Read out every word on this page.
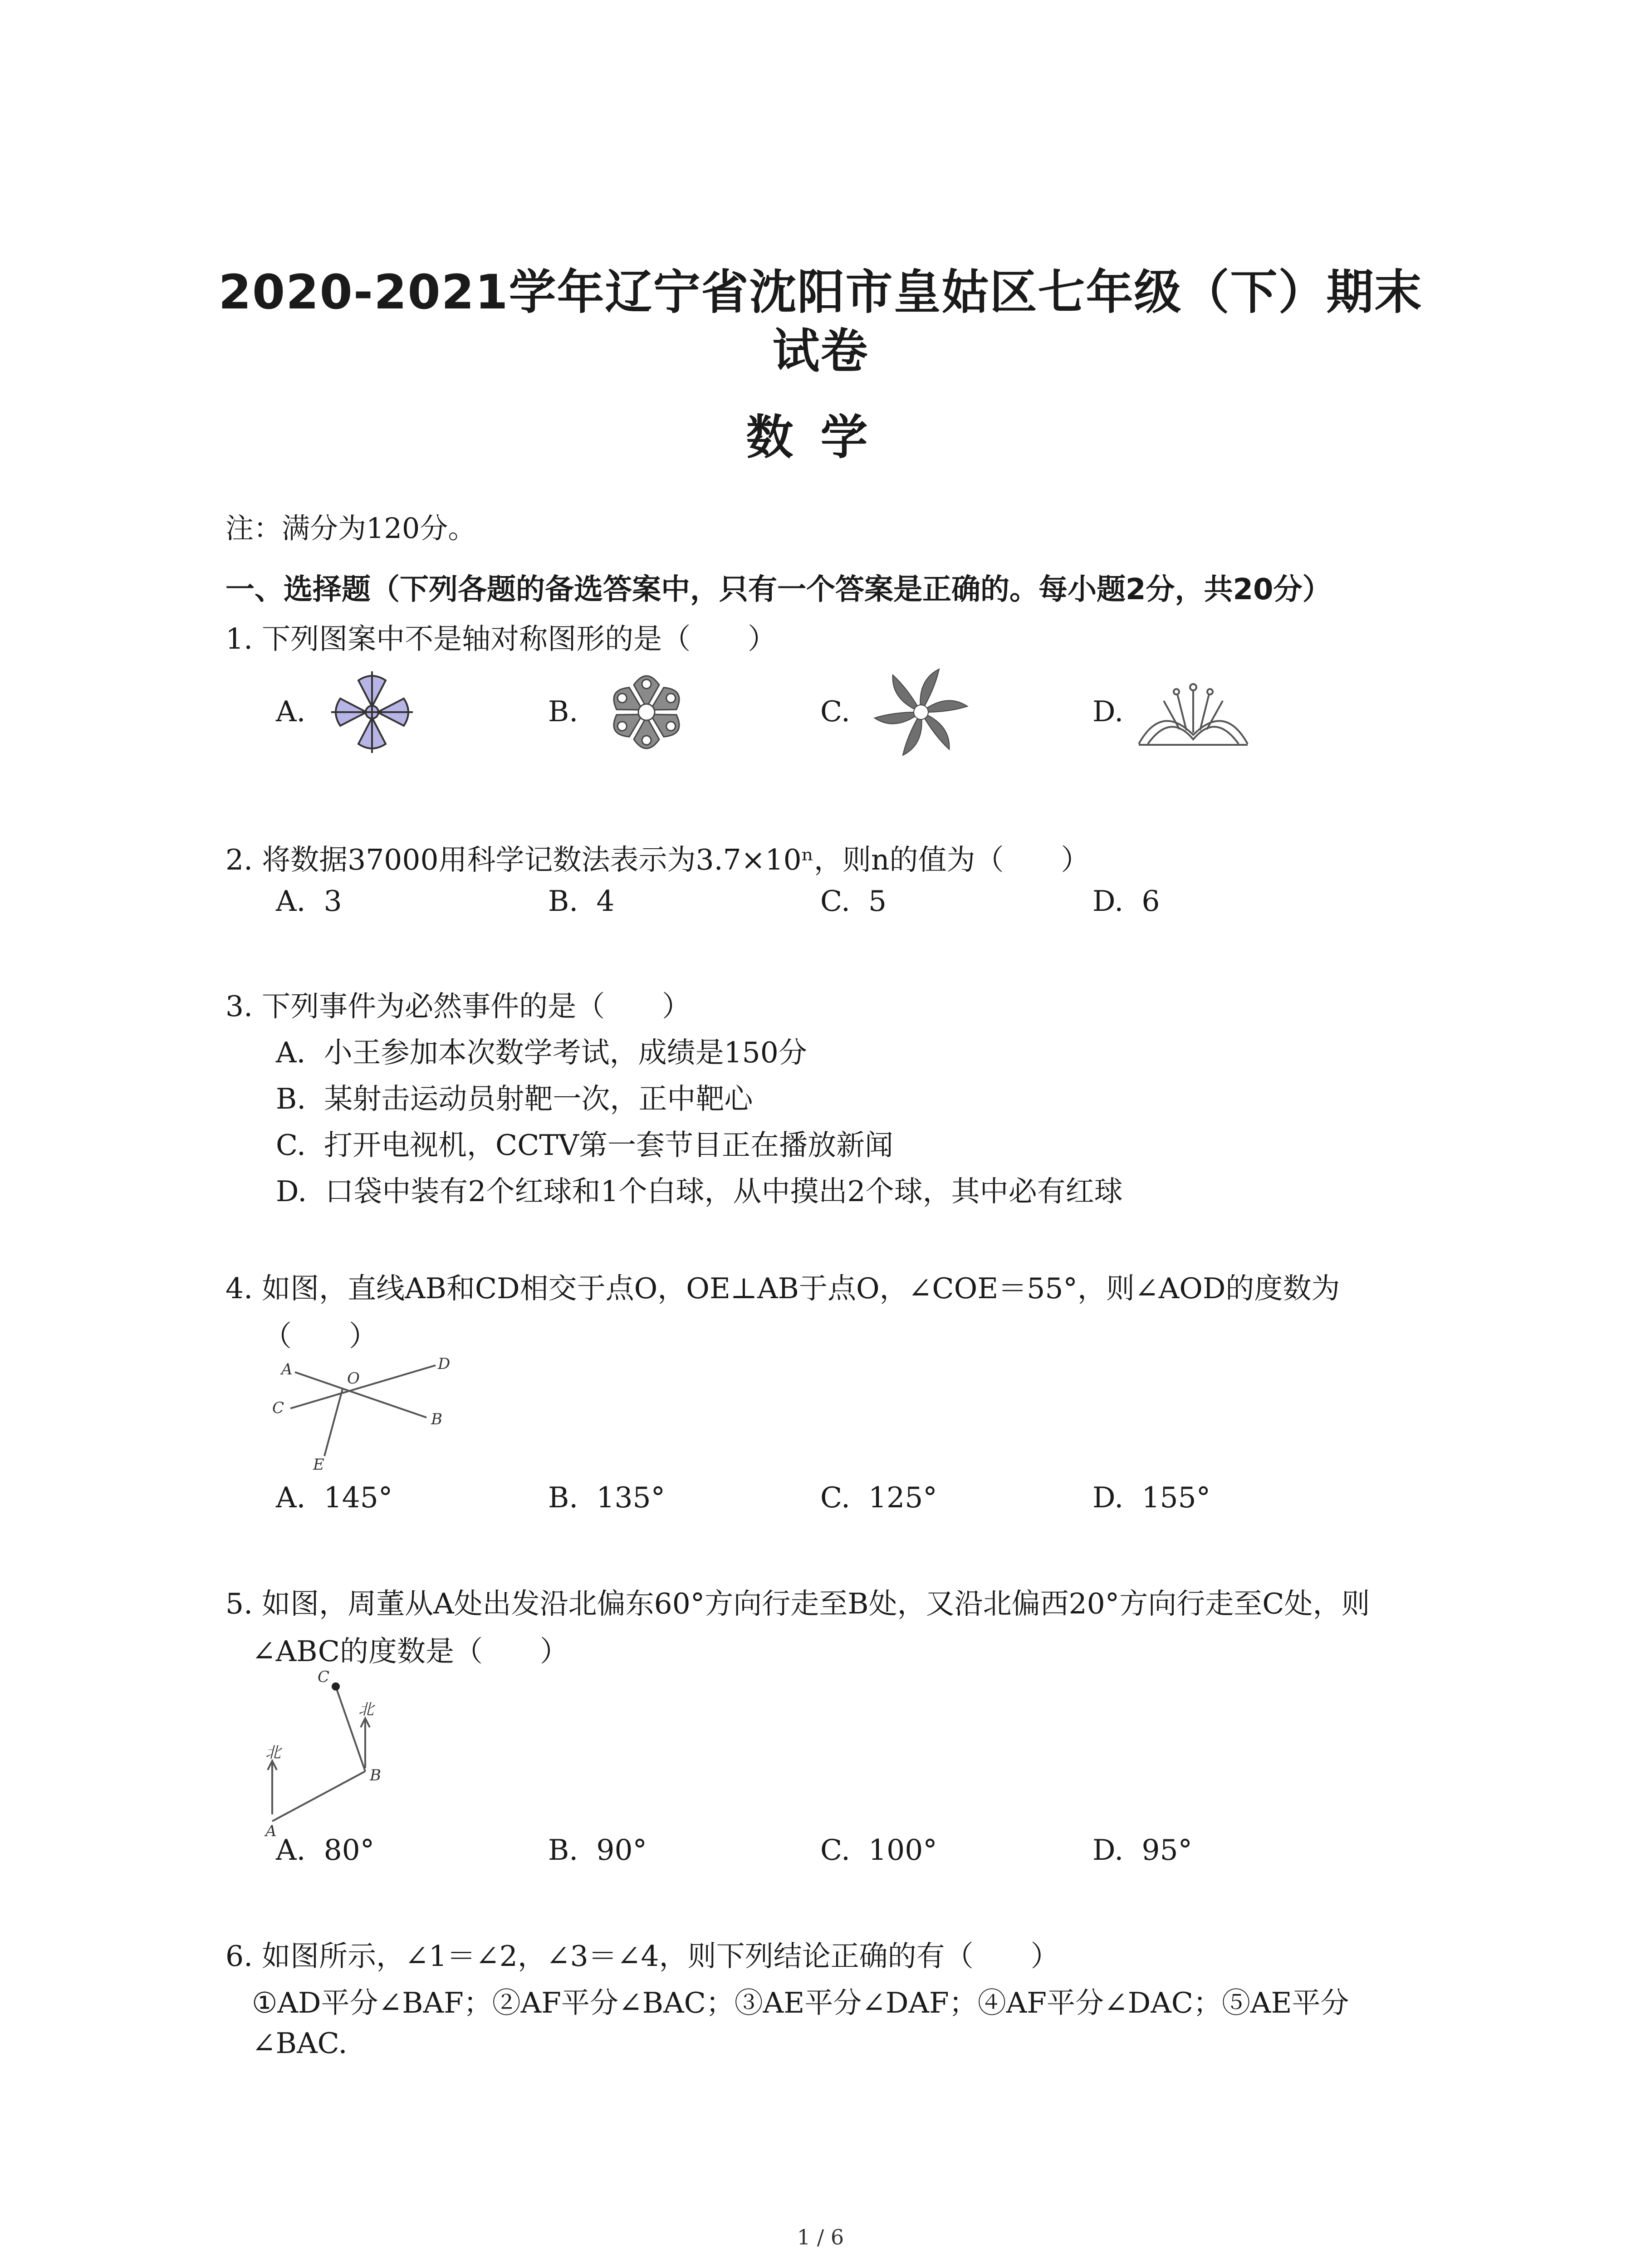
2020-2021学年辽宁省沈阳市皇姑区七年级（下）期末
试卷
数学
注：满分为120分。
一、选择题（下列各题的备选答案中，只有一个答案是正确的。每小题2分，共20分）
1. 下列图案中不是轴对称图形的是（　　）
A.	B.	C.	D.
2. 将数据37000用科学记数法表示为3.7×10ⁿ，则n的值为（　　）
A. 3	B. 4	C. 5	D. 6
3. 下列事件为必然事件的是（　　）
A. 小王参加本次数学考试，成绩是150分
B. 某射击运动员射靶一次，正中靶心
C. 打开电视机，CCTV第一套节目正在播放新闻
D. 口袋中装有2个红球和1个白球，从中摸出2个球，其中必有红球
4. 如图，直线AB和CD相交于点O，OE⊥AB于点O，∠COE＝55°，则∠AOD的度数为
（　　）
A	O
D
C
B
E
A. 145°	B. 135°	C. 125°	D. 155°
5. 如图，周董从A处出发沿北偏东60°方向行走至B处，又沿北偏西20°方向行走至C处，则
∠ABC的度数是（　　）
C
北
北
B
A
A. 80°	B. 90°	C. 100°	D. 95°
6. 如图所示，∠1＝∠2，∠3＝∠4，则下列结论正确的有（　　）
①AD平分∠BAF；②AF平分∠BAC；③AE平分∠DAF；④AF平分∠DAC；⑤AE平分
∠BAC.
1 / 6
